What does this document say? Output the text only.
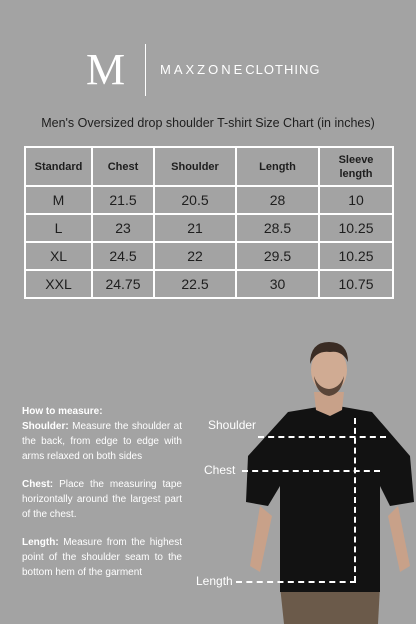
M	MAXZONECLOTHING
Men's Oversized drop shoulder T-shirt Size Chart (in inches)
Standard	Chest	Shoulder	Length	Sleeve length
M	21.5	20.5	28	10
L	23	21	28.5	10.25
XL	24.5	22	29.5	10.25
XXL	24.75	22.5	30	10.75
How to measure:

Shoulder: Measure the shoulder at the back, from edge to edge with arms relaxed on both sides

Chest: Place the measuring tape horizontally around the largest part of the chest.

Length: Measure from the highest point of the shoulder seam to the bottom hem of the garment

Shoulder
Chest
Length
